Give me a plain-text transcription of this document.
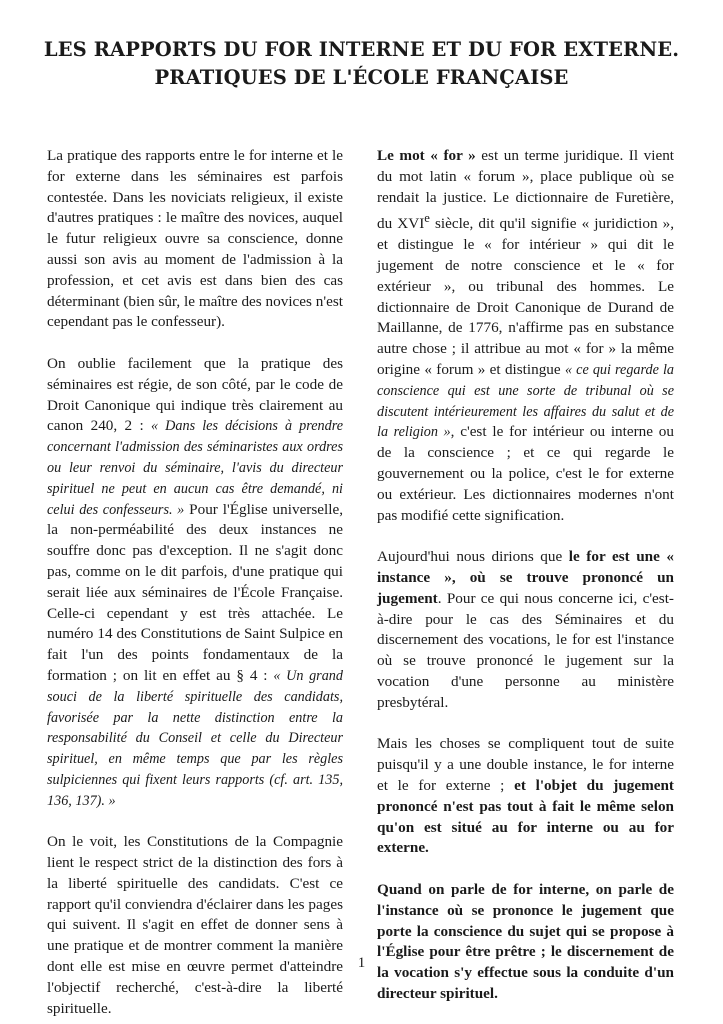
LES RAPPORTS DU FOR INTERNE ET DU FOR EXTERNE.
PRATIQUES DE L'ÉCOLE FRANÇAISE

La pratique des rapports entre le for interne et le for externe dans les séminaires est parfois contestée. Dans les noviciats religieux, il existe d'autres pratiques : le maître des novices, auquel le futur religieux ouvre sa conscience, donne aussi son avis au moment de l'admission à la profession, et cet avis est dans bien des cas déterminant (bien sûr, le maître des novices n'est cependant pas le confesseur).

On oublie facilement que la pratique des séminaires est régie, de son côté, par le code de Droit Canonique qui indique très clairement au canon 240, 2 : « Dans les décisions à prendre concernant l'admission des séminaristes aux ordres ou leur renvoi du séminaire, l'avis du directeur spirituel ne peut en aucun cas être demandé, ni celui des confesseurs. » Pour l'Église universelle, la non-perméabilité des deux instances ne souffre donc pas d'exception. Il ne s'agit donc pas, comme on le dit parfois, d'une pratique qui serait liée aux séminaires de l'École Française. Celle-ci cependant y est très attachée. Le numéro 14 des Constitutions de Saint Sulpice en fait l'un des points fondamentaux de la formation ; on lit en effet au § 4 : « Un grand souci de la liberté spirituelle des candidats, favorisée par la nette distinction entre la responsabilité du Conseil et celle du Directeur spirituel, en même temps que par les règles sulpiciennes qui fixent leurs rapports (cf. art. 135, 136, 137). »

On le voit, les Constitutions de la Compagnie lient le respect strict de la distinction des fors à la liberté spirituelle des candidats. C'est ce rapport qu'il conviendra d'éclairer dans les pages qui suivent. Il s'agit en effet de donner sens à une pratique et de montrer comment la manière dont elle est mise en œuvre permet d'atteindre l'objectif recherché, c'est-à-dire la liberté spirituelle.

Le mot « for » est un terme juridique. Il vient du mot latin « forum », place publique où se rendait la justice. Le dictionnaire de Furetière, du XVIe siècle, dit qu'il signifie « juridiction », et distingue le « for intérieur » qui dit le jugement de notre conscience et le « for extérieur », ou tribunal des hommes. Le dictionnaire de Droit Canonique de Durand de Maillanne, de 1776, n'affirme pas en substance autre chose ; il attribue au mot « for » la même origine « forum » et distingue « ce qui regarde la conscience qui est une sorte de tribunal où se discutent intérieurement les affaires du salut et de la religion », c'est le for intérieur ou interne ou de la conscience ; et ce qui regarde le gouvernement ou la police, c'est le for externe ou extérieur. Les dictionnaires modernes n'ont pas modifié cette signification.

Aujourd'hui nous dirions que le for est une « instance », où se trouve prononcé un jugement. Pour ce qui nous concerne ici, c'est-à-dire pour le cas des Séminaires et du discernement des vocations, le for est l'instance où se trouve prononcé le jugement sur la vocation d'une personne au ministère presbytéral.

Mais les choses se compliquent tout de suite puisqu'il y a une double instance, le for interne et le for externe ; et l'objet du jugement prononcé n'est pas tout à fait le même selon qu'on est situé au for interne ou au for externe.

Quand on parle de for interne, on parle de l'instance où se prononce le jugement que porte la conscience du sujet qui se propose à l'Église pour être prêtre ; le discernement de la vocation s'y effectue sous la conduite d'un directeur spirituel.

1
